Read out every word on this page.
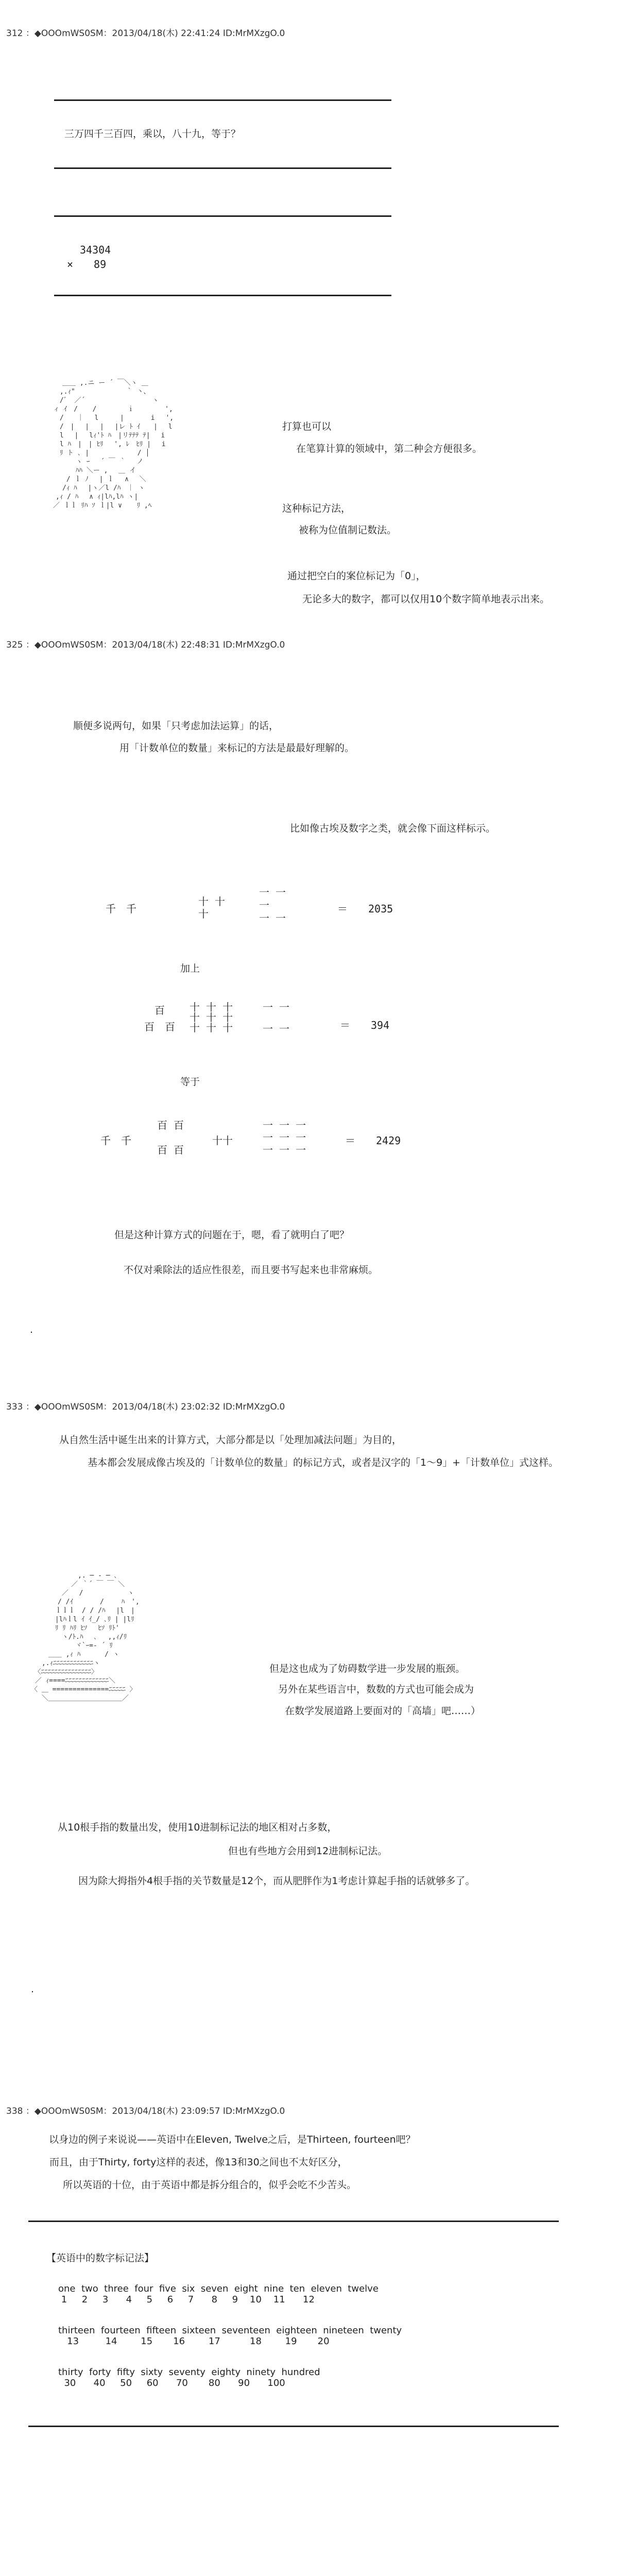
312 ：◆OOOmWS0SM：2013/04/18(木) 22:41:24 ID:MrMXzgO.0
三万四千三百四，乘以，八十九，等于？
34304
×　　89
　　＿＿ ,.ニ ー ´ ￣＼ヽ ＿
　 ,.ｨ"　　　　　　　 ｀ 丶、
　 /゛ ／´　　　　　　　　　　ヽ
ィ ｲ　/ 　 /　　　　 ｉ　　　　 ',
　 /　　｜　 l 　　 |　　　　i　 ',
　 /　|　 |　 |　 |レ ﾄ ｲ　　|　 l
　 l　 |　 lｨ'ﾄ ﾊ　|リﾃﾃﾃ ﾃ|　 i
　 l ﾊ　|　| ﾋﾘ　 ', ﾚ　ﾋﾘ |　 i
　 ﾘ ト ､ |　　　 　 　　/ │
　　　　ヽ ｰ　 ´ ￣ ｀　 ノ
　　　　ﾊﾊ ＼ー ,　 ＿ イ
　　 / ｌ ﾉ　 | ｌ　 ∧　 ＼
　　/ｨ ﾊ　 |ヽ／l /ﾊ　｜ ヽ
　,ｨ / ﾊ　 ∧ ｨ|lﾊ,lﾊ ヽ|
／ ｌｌ ﾘﾊ ｿ ｌ|l ∨ 　 ﾘ ,ﾍ
打算也可以
在笔算计算的领域中，第二种会方便很多。
这种标记方法，
被称为位值制记数法。
通过把空白的案位标记为「0」，
无论多大的数字，都可以仅用10个数字简单地表示出来。
325 ：◆OOOmWS0SM：2013/04/18(木) 22:48:31 ID:MrMXzgO.0
顺便多说两句，如果「只考虑加法运算」的话，
用「计数单位的数量」来标记的方法是最最好理解的。
比如像古埃及数字之类，就会像下面这样标示。
千　千
十 十
十
一 一
一
一 一
＝　　2035
加上
　百
百　百
十 十 十
十 十 十
十 十 十
一 一

一 一	＝　　394
等于
千　千
百 百

百 百
十十
一 一 一
一 一 一
一 一 一
＝　　2429
但是这种计算方式的问题在于，嗯，看了就明白了吧？
不仅对乘除法的适应性很差，而且要书写起来也非常麻烦。
.
333 ：◆OOOmWS0SM：2013/04/18(木) 23:02:32 ID:MrMXzgO.0
从自然生活中诞生出来的计算方式，大部分都是以「处理加减法问题」为目的，
基本都会发展成像古埃及的「计数单位的数量」的标记方式，或者是汉字的「1～9」+「计数单位」式这样。
　　　　　　　,. ─ ‐ ─ ､
　　　　　　／ ｀´ ￣ ￣ ＼
　　　　 ／　 /　　　　　　 ヽ
　　　　/ /ｲ　　　　/　　 ﾊ　',
　　　 ｌｌｌ　/ / /ﾊ　 |l　|
　　　 |lﾊｌl ｲ ｲ_/ ､ﾘ | |lﾘ
　　　 ﾘ ﾘ ﾊﾘ ﾋｿ　 ﾋｿ ﾘﾄ'
　　　　 ヽ/ﾄ.ﾊ　 ､　 ,,ｨ/ﾘ
　　　　　　 ヾ`ｰ=‐ ´ ﾘ
　　 ＿＿ ,ｨ ﾊ　　　 / ヽ
　 ,.ｨﾆﾆﾆﾆﾆﾆﾆﾆﾆﾆﾆﾆヽ
　〈ﾆﾆﾆﾆﾆﾆﾆﾆﾆﾆﾆﾆﾆﾆﾆ〉
／ ｨ====ﾆﾆﾆﾆﾆﾆﾆﾆﾆﾆﾆﾆﾆ＼
〈 ＿ ==============ﾆﾆﾆﾆﾆ 〉
　 ＼＿＿＿＿＿＿＿＿＿＿＿／
但是这也成为了妨碍数学进一步发展的瓶颈。
另外在某些语言中，数数的方式也可能会成为
在数学发展道路上要面对的「高墙」吧……）
从10根手指的数量出发，使用10进制标记法的地区相对占多数，
但也有些地方会用到12进制标记法。
因为除大拇指外4根手指的关节数量是12个，而从肥胖作为1考虑计算起手指的话就够多了。
.
338 ：◆OOOmWS0SM：2013/04/18(木) 23:09:57 ID:MrMXzgO.0
以身边的例子来说说——英语中在Eleven, Twelve之后，是Thirteen, fourteen吧？
而且，由于Thirty, forty这样的表述，像13和30之间也不太好区分，
所以英语的十位，由于英语中都是拆分组合的，似乎会吃不少苦头。
【英语中的数字标记法】
one  two  three  four  five  six  seven  eight  nine  ten  eleven  twelve
1     2     3      4     5     6     7      8     9    10    11      12
thirteen  fourteen  fifteen  sixteen  seventeen  eighteen  nineteen  twenty
13         14        15       16        17          18        19       20
thirty  forty  fifty  sixty  seventy  eighty  ninety  hundred
30      40     50     60      70       80      90      100
